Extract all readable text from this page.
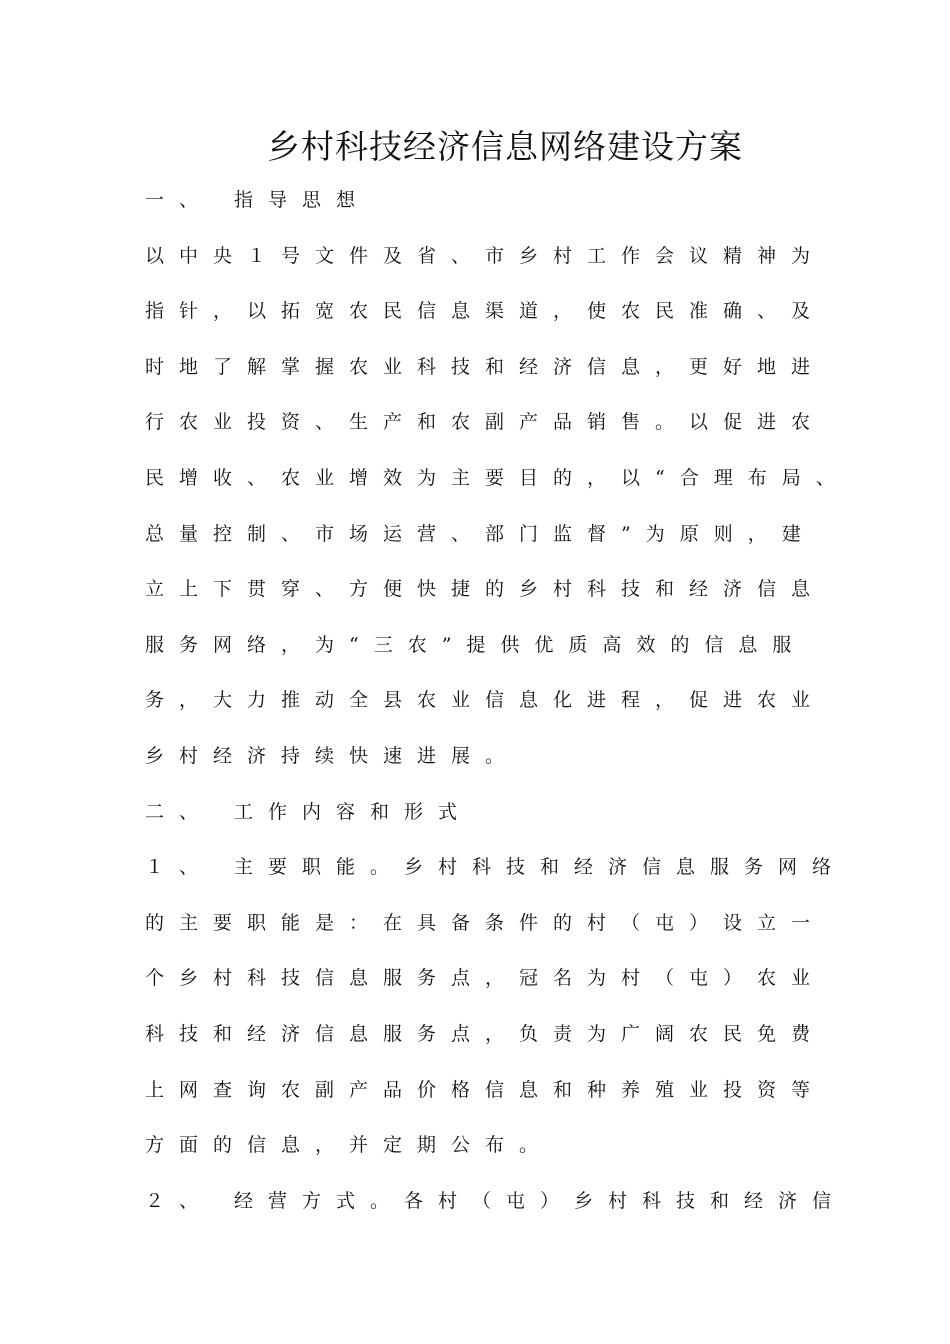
乡村科技经济信息网络建设方案
一、 指导思想
以中央１号文件及省、市乡村工作会议精神为
指针，以拓宽农民信息渠道，使农民准确、及
时地了解掌握农业科技和经济信息，更好地进
行农业投资、生产和农副产品销售。以促进农
民增收、农业增效为主要目的，以“合理布局、
总量控制、市场运营、部门监督”为原则，建
立上下贯穿、方便快捷的乡村科技和经济信息
服务网络，为“三农”提供优质高效的信息服
务，大力推动全县农业信息化进程，促进农业
乡村经济持续快速进展。
二、 工作内容和形式
１、 主要职能。乡村科技和经济信息服务网络
的主要职能是：在具备条件的村（屯）设立一
个乡村科技信息服务点，冠名为村（屯）农业
科技和经济信息服务点，负责为广阔农民免费
上网查询农副产品价格信息和种养殖业投资等
方面的信息，并定期公布。
２、 经营方式。各村（屯）乡村科技和经济信
